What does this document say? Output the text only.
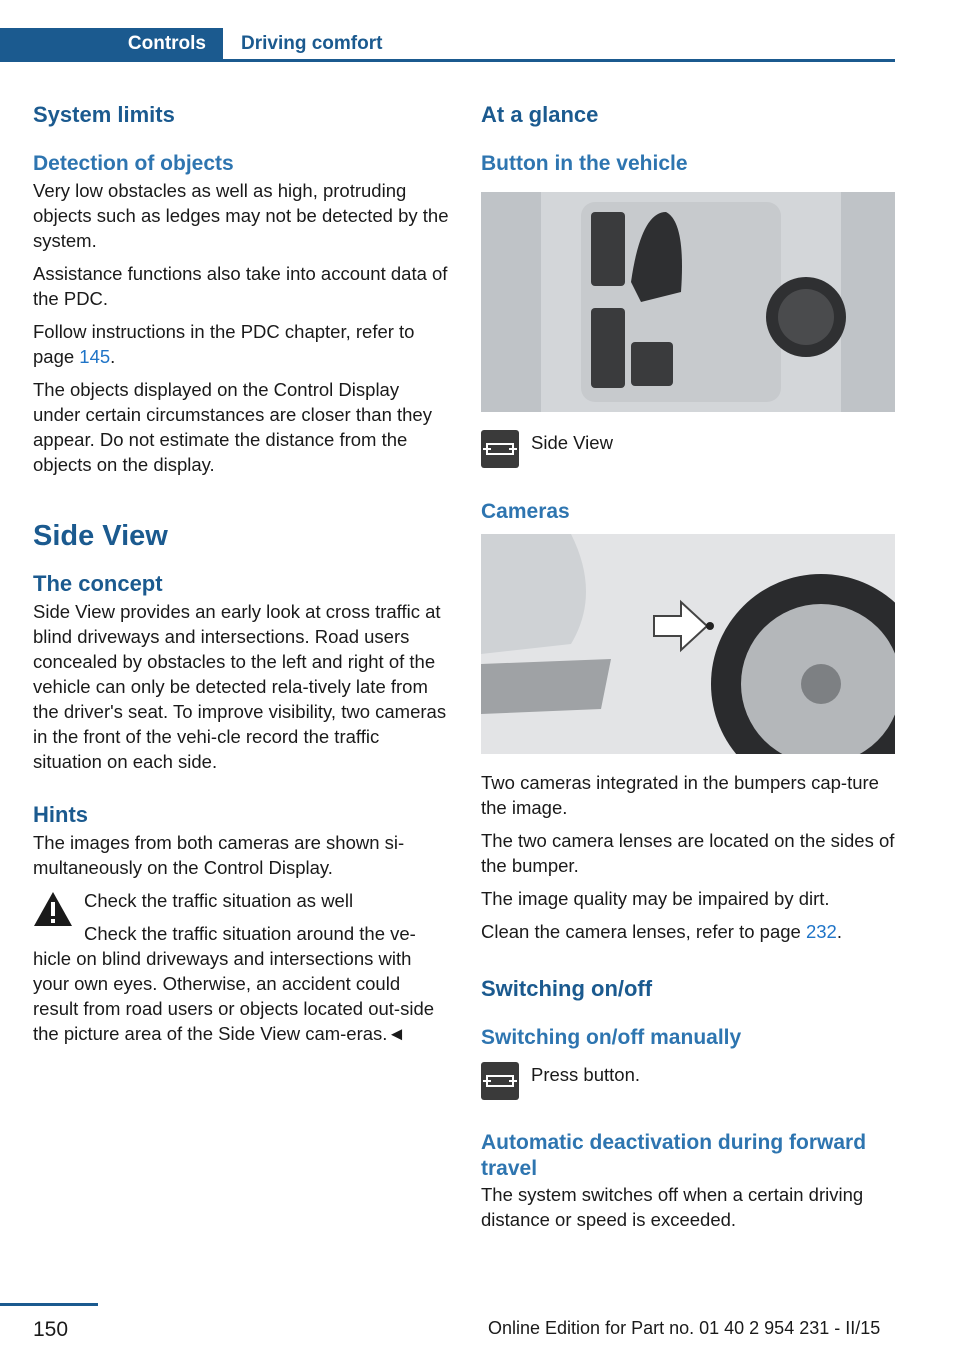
Controls	Driving comfort
System limits
Detection of objects

Very low obstacles as well as high, protruding objects such as ledges may not be detected by the system.

Assistance functions also take into account data of the PDC.

Follow instructions in the PDC chapter, refer to page 145.

The objects displayed on the Control Display under certain circumstances are closer than they appear. Do not estimate the distance from the objects on the display.

Side View
The concept

Side View provides an early look at cross traffic at blind driveways and intersections. Road users concealed by obstacles to the left and right of the vehicle can only be detected rela‐tively late from the driver's seat. To improve visibility, two cameras in the front of the vehi‐cle record the traffic situation on each side.

Hints

The images from both cameras are shown si‐multaneously on the Control Display.

Check the traffic situation as well

Check the traffic situation around the ve‐hicle on blind driveways and intersections with your own eyes. Otherwise, an accident could result from road users or objects located out‐side the picture area of the Side View cam‐eras.◄

At a glance
Button in the vehicle
Side View
Cameras

Two cameras integrated in the bumpers cap‐ture the image.

The two camera lenses are located on the sides of the bumper.

The image quality may be impaired by dirt.

Clean the camera lenses, refer to page 232.

Switching on/off
Switching on/off manually
Press button.
Automatic deactivation during forward travel

The system switches off when a certain driving distance or speed is exceeded.

150	Online Edition for Part no. 01 40 2 954 231 - II/15
